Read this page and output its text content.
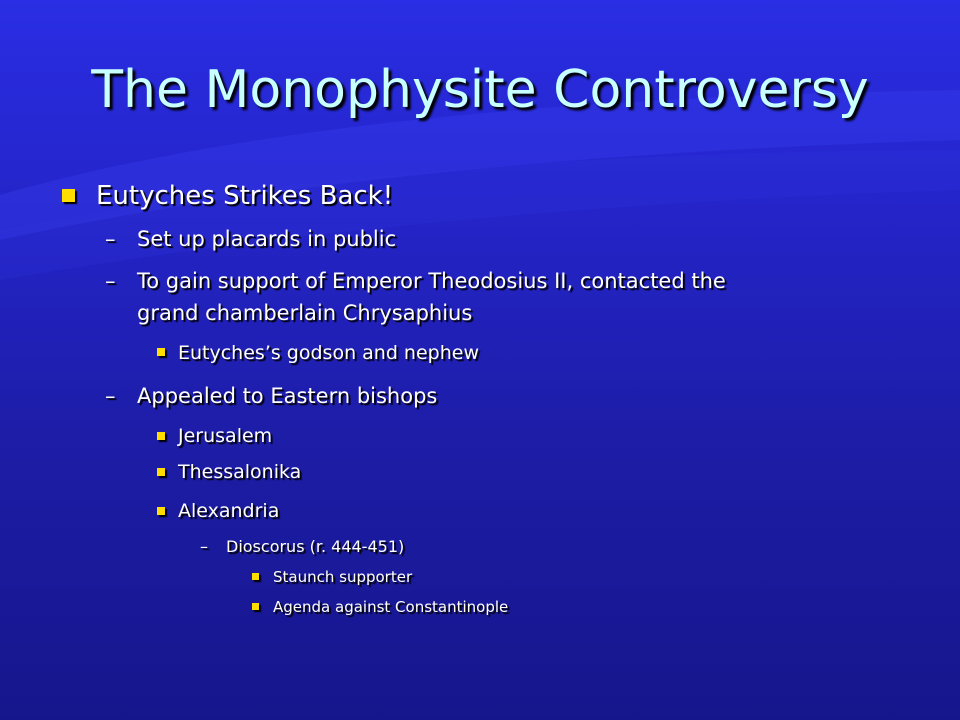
The Monophysite Controversy
Eutyches Strikes Back!
– Set up placards in public
– To gain support of Emperor Theodosius II, contacted the
grand chamberlain Chrysaphius
Eutyches’s godson and nephew
– Appealed to Eastern bishops
Jerusalem
Thessalonika
Alexandria
– Dioscorus (r. 444-451)
Staunch supporter
Agenda against Constantinople
